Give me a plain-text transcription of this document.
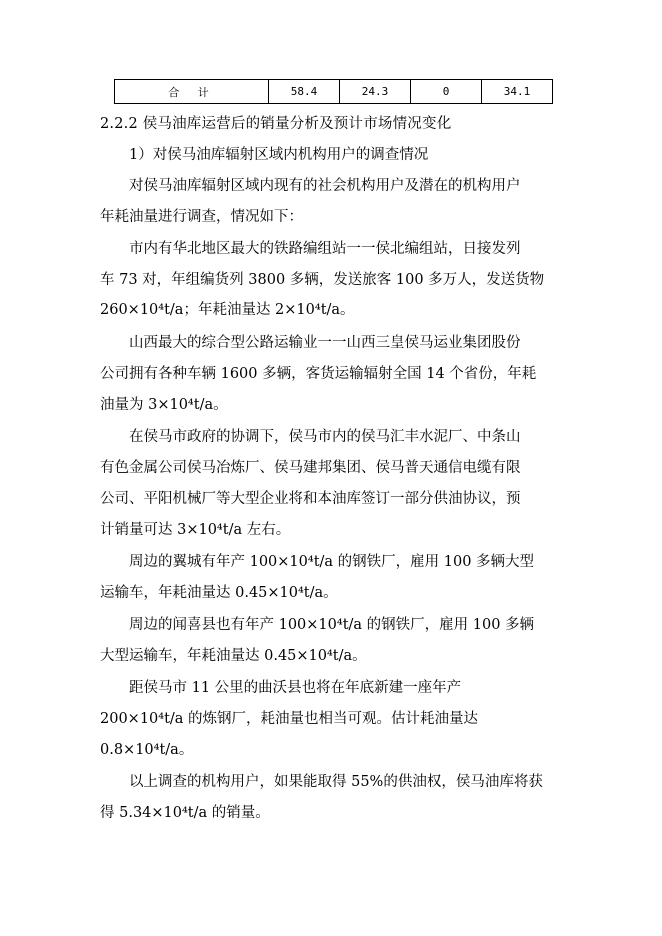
合 计	58.4	24.3	0	34.1
2.2.2 侯马油库运营后的销量分析及预计市场情况变化
1）对侯马油库辐射区域内机构用户的调查情况
对侯马油库辐射区域内现有的社会机构用户及潜在的机构用户
年耗油量进行调查，情况如下：
市内有华北地区最大的铁路编组站一一侯北编组站，日接发列
车 73 对，年组编货列 3800 多辆，发送旅客 100 多万人，发送货物
260×10⁴t/a；年耗油量达 2×10⁴t/a。
山西最大的综合型公路运输业一一山西三皇侯马运业集团股份
公司拥有各种车辆 1600 多辆，客货运输辐射全国 14 个省份，年耗
油量为 3×10⁴t/a。
在侯马市政府的协调下，侯马市内的侯马汇丰水泥厂、中条山
有色金属公司侯马冶炼厂、侯马建邦集团、侯马普天通信电缆有限
公司、平阳机械厂等大型企业将和本油库签订一部分供油协议，预
计销量可达 3×10⁴t/a 左右。
周边的翼城有年产 100×10⁴t/a 的钢铁厂，雇用 100 多辆大型
运输车，年耗油量达 0.45×10⁴t/a。
周边的闻喜县也有年产 100×10⁴t/a 的钢铁厂，雇用 100 多辆
大型运输车，年耗油量达 0.45×10⁴t/a。
距侯马市 11 公里的曲沃县也将在年底新建一座年产
200×10⁴t/a 的炼钢厂，耗油量也相当可观。估计耗油量达
0.8×10⁴t/a。
以上调查的机构用户，如果能取得 55%的供油权，侯马油库将获
得 5.34×10⁴t/a 的销量。
